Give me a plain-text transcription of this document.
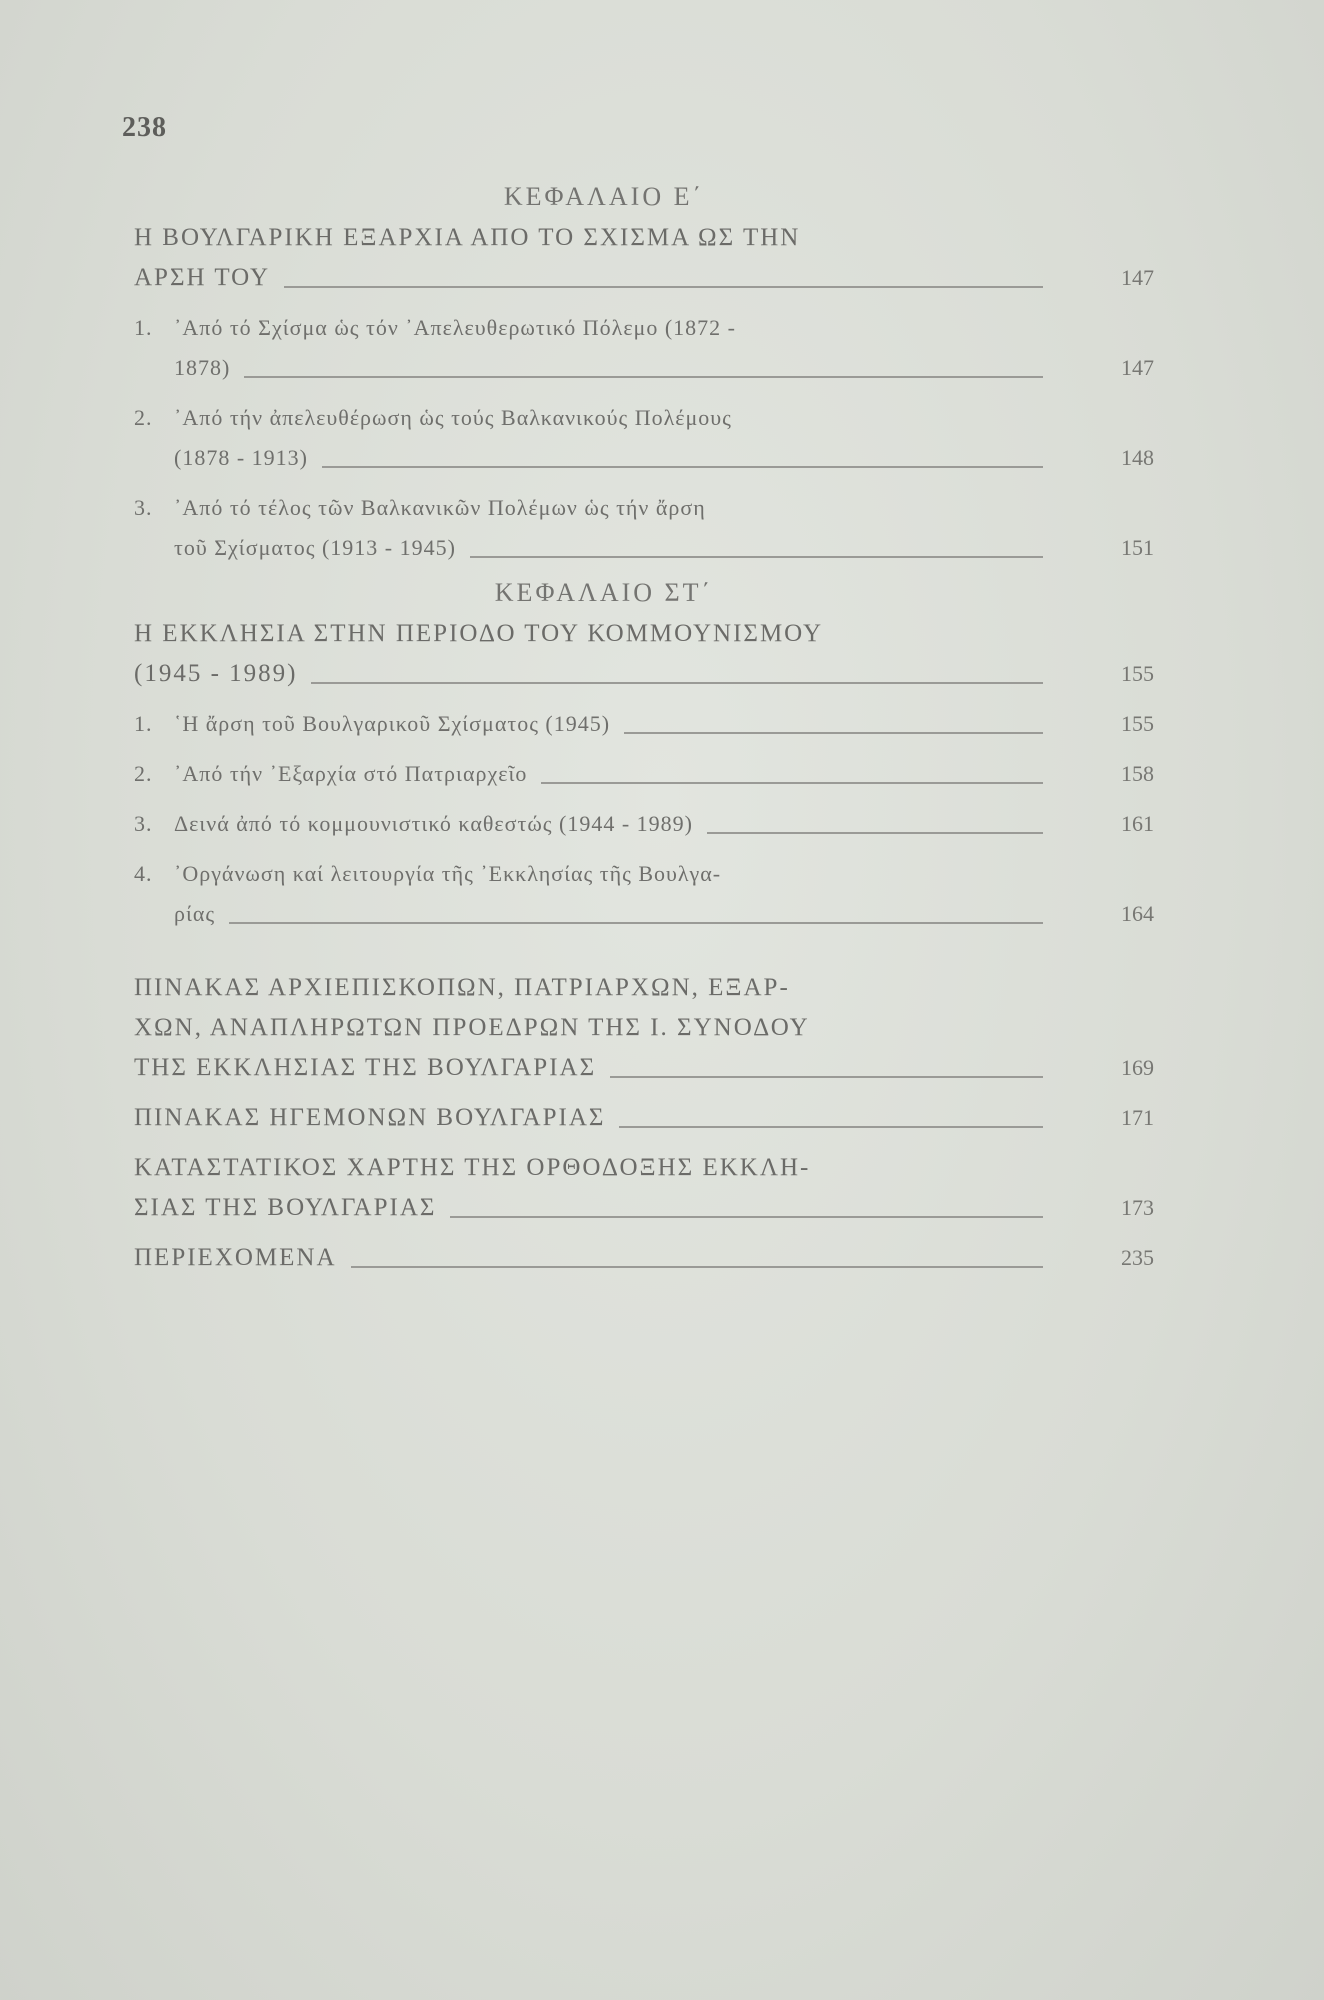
238
ΚΕΦΑΛΑΙΟ Ε΄
Η ΒΟΥΛΓΑΡΙΚΗ ΕΞΑΡΧΙΑ ΑΠΟ ΤΟ ΣΧΙΣΜΑ ΩΣ ΤΗΝ
ΑΡΣΗ ΤΟΥ	147
1. ᾿Από τό Σχίσμα ὡς τόν ᾿Απελευθερωτικό Πόλεμο (1872 -
1878)	147
2. ᾿Από τήν ἀπελευθέρωση ὡς τούς Βαλκανικούς Πολέμους
(1878 - 1913)	148
3. ᾿Από τό τέλος τῶν Βαλκανικῶν Πολέμων ὡς τήν ἄρση
τοῦ Σχίσματος (1913 - 1945)	151
ΚΕΦΑΛΑΙΟ ΣΤ΄
Η ΕΚΚΛΗΣΙΑ ΣΤΗΝ ΠΕΡΙΟΔΟ ΤΟΥ ΚΟΜΜΟΥΝΙΣΜΟΥ
(1945 - 1989)	155
1. ῾Η ἄρση τοῦ Βουλγαρικοῦ Σχίσματος (1945)	155
2. ᾿Από τήν ᾿Εξαρχία στό Πατριαρχεῖο	158
3. Δεινά ἀπό τό κομμουνιστικό καθεστώς (1944 - 1989)	161
4. ᾿Οργάνωση καί λειτουργία τῆς ᾿Εκκλησίας τῆς Βουλγα-
ρίας	164
ΠΙΝΑΚΑΣ ΑΡΧΙΕΠΙΣΚΟΠΩΝ, ΠΑΤΡΙΑΡΧΩΝ, ΕΞΑΡ-
ΧΩΝ, ΑΝΑΠΛΗΡΩΤΩΝ ΠΡΟΕΔΡΩΝ ΤΗΣ Ι. ΣΥΝΟΔΟΥ
ΤΗΣ ΕΚΚΛΗΣΙΑΣ ΤΗΣ ΒΟΥΛΓΑΡΙΑΣ	169
ΠΙΝΑΚΑΣ ΗΓΕΜΟΝΩΝ ΒΟΥΛΓΑΡΙΑΣ	171
ΚΑΤΑΣΤΑΤΙΚΟΣ ΧΑΡΤΗΣ ΤΗΣ ΟΡΘΟΔΟΞΗΣ ΕΚΚΛΗ-
ΣΙΑΣ ΤΗΣ ΒΟΥΛΓΑΡΙΑΣ	173
ΠΕΡΙΕΧΟΜΕΝΑ	235
